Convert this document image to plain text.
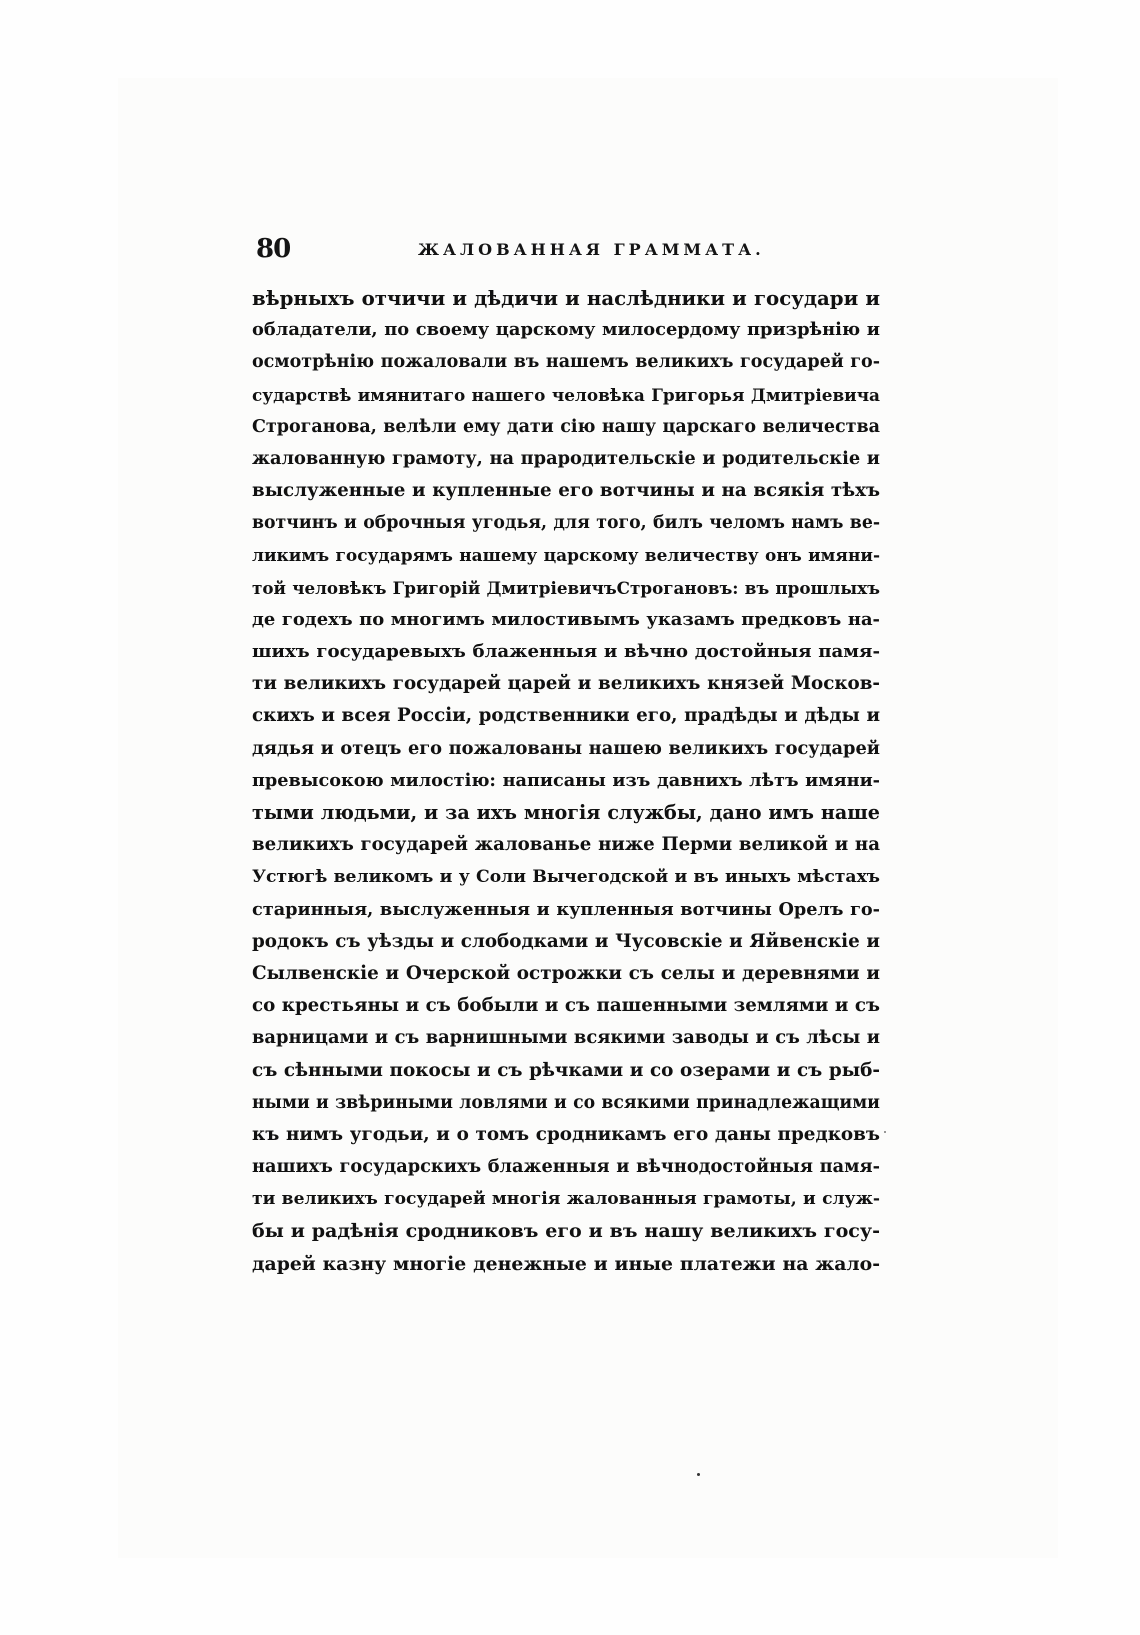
80	ЖАЛОВАННАЯ ГРАММАТА.
вѣрныхъ отчичи и дѣдичи и наслѣдники и государи и
обладатели, по своему царскому милосердому призрѣнію и
осмотрѣнію пожаловали въ нашемъ великихъ государей го-
сударствѣ имянитаго нашего человѣка Григорья Дмитріевича
Строганова, велѣли ему дати сію нашу царскаго величества
жалованную грамоту, на прародительскіе и родительскіе и
выслуженные и купленные его вотчины и на всякія тѣхъ
вотчинъ и оброчныя угодья, для того, билъ челомъ намъ ве-
ликимъ государямъ нашему царскому величеству онъ имяни-
той человѣкъ Григорій ДмитріевичъСтрогановъ: въ прошлыхъ
де годехъ по многимъ милостивымъ указамъ предковъ на-
шихъ государевыхъ блаженныя и вѣчно достойныя памя-
ти великихъ государей царей и великихъ князей Москов-
скихъ и всея Россіи, родственники его, прадѣды и дѣды и
дядья и отецъ его пожалованы нашею великихъ государей
превысокою милостію: написаны изъ давнихъ лѣтъ имяни-
тыми людьми, и за ихъ многія службы, дано имъ наше
великихъ государей жалованье ниже Перми великой и на
Устюгѣ великомъ и у Соли Вычегодской и въ иныхъ мѣстахъ
старинныя, выслуженныя и купленныя вотчины Орелъ го-
родокъ съ уѣзды и слободками и Чусовскіе и Яйвенскіе и
Сылвенскіе и Очерской острожки съ селы и деревнями и
со крестьяны и съ бобыли и съ пашенными землями и съ
варницами и съ варнишными всякими заводы и съ лѣсы и
съ сѣнными покосы и съ рѣчками и со озерами и съ рыб-
ными и звѣриными ловлями и со всякими принадлежащими
къ нимъ угодьи, и о томъ сродникамъ его даны предковъ
нашихъ государскихъ блаженныя и вѣчнодостойныя памя-
ти великихъ государей многія жалованныя грамоты, и служ-
бы и радѣнія сродниковъ его и въ нашу великихъ госу-
дарей казну многіе денежные и иные платежи на жало-
